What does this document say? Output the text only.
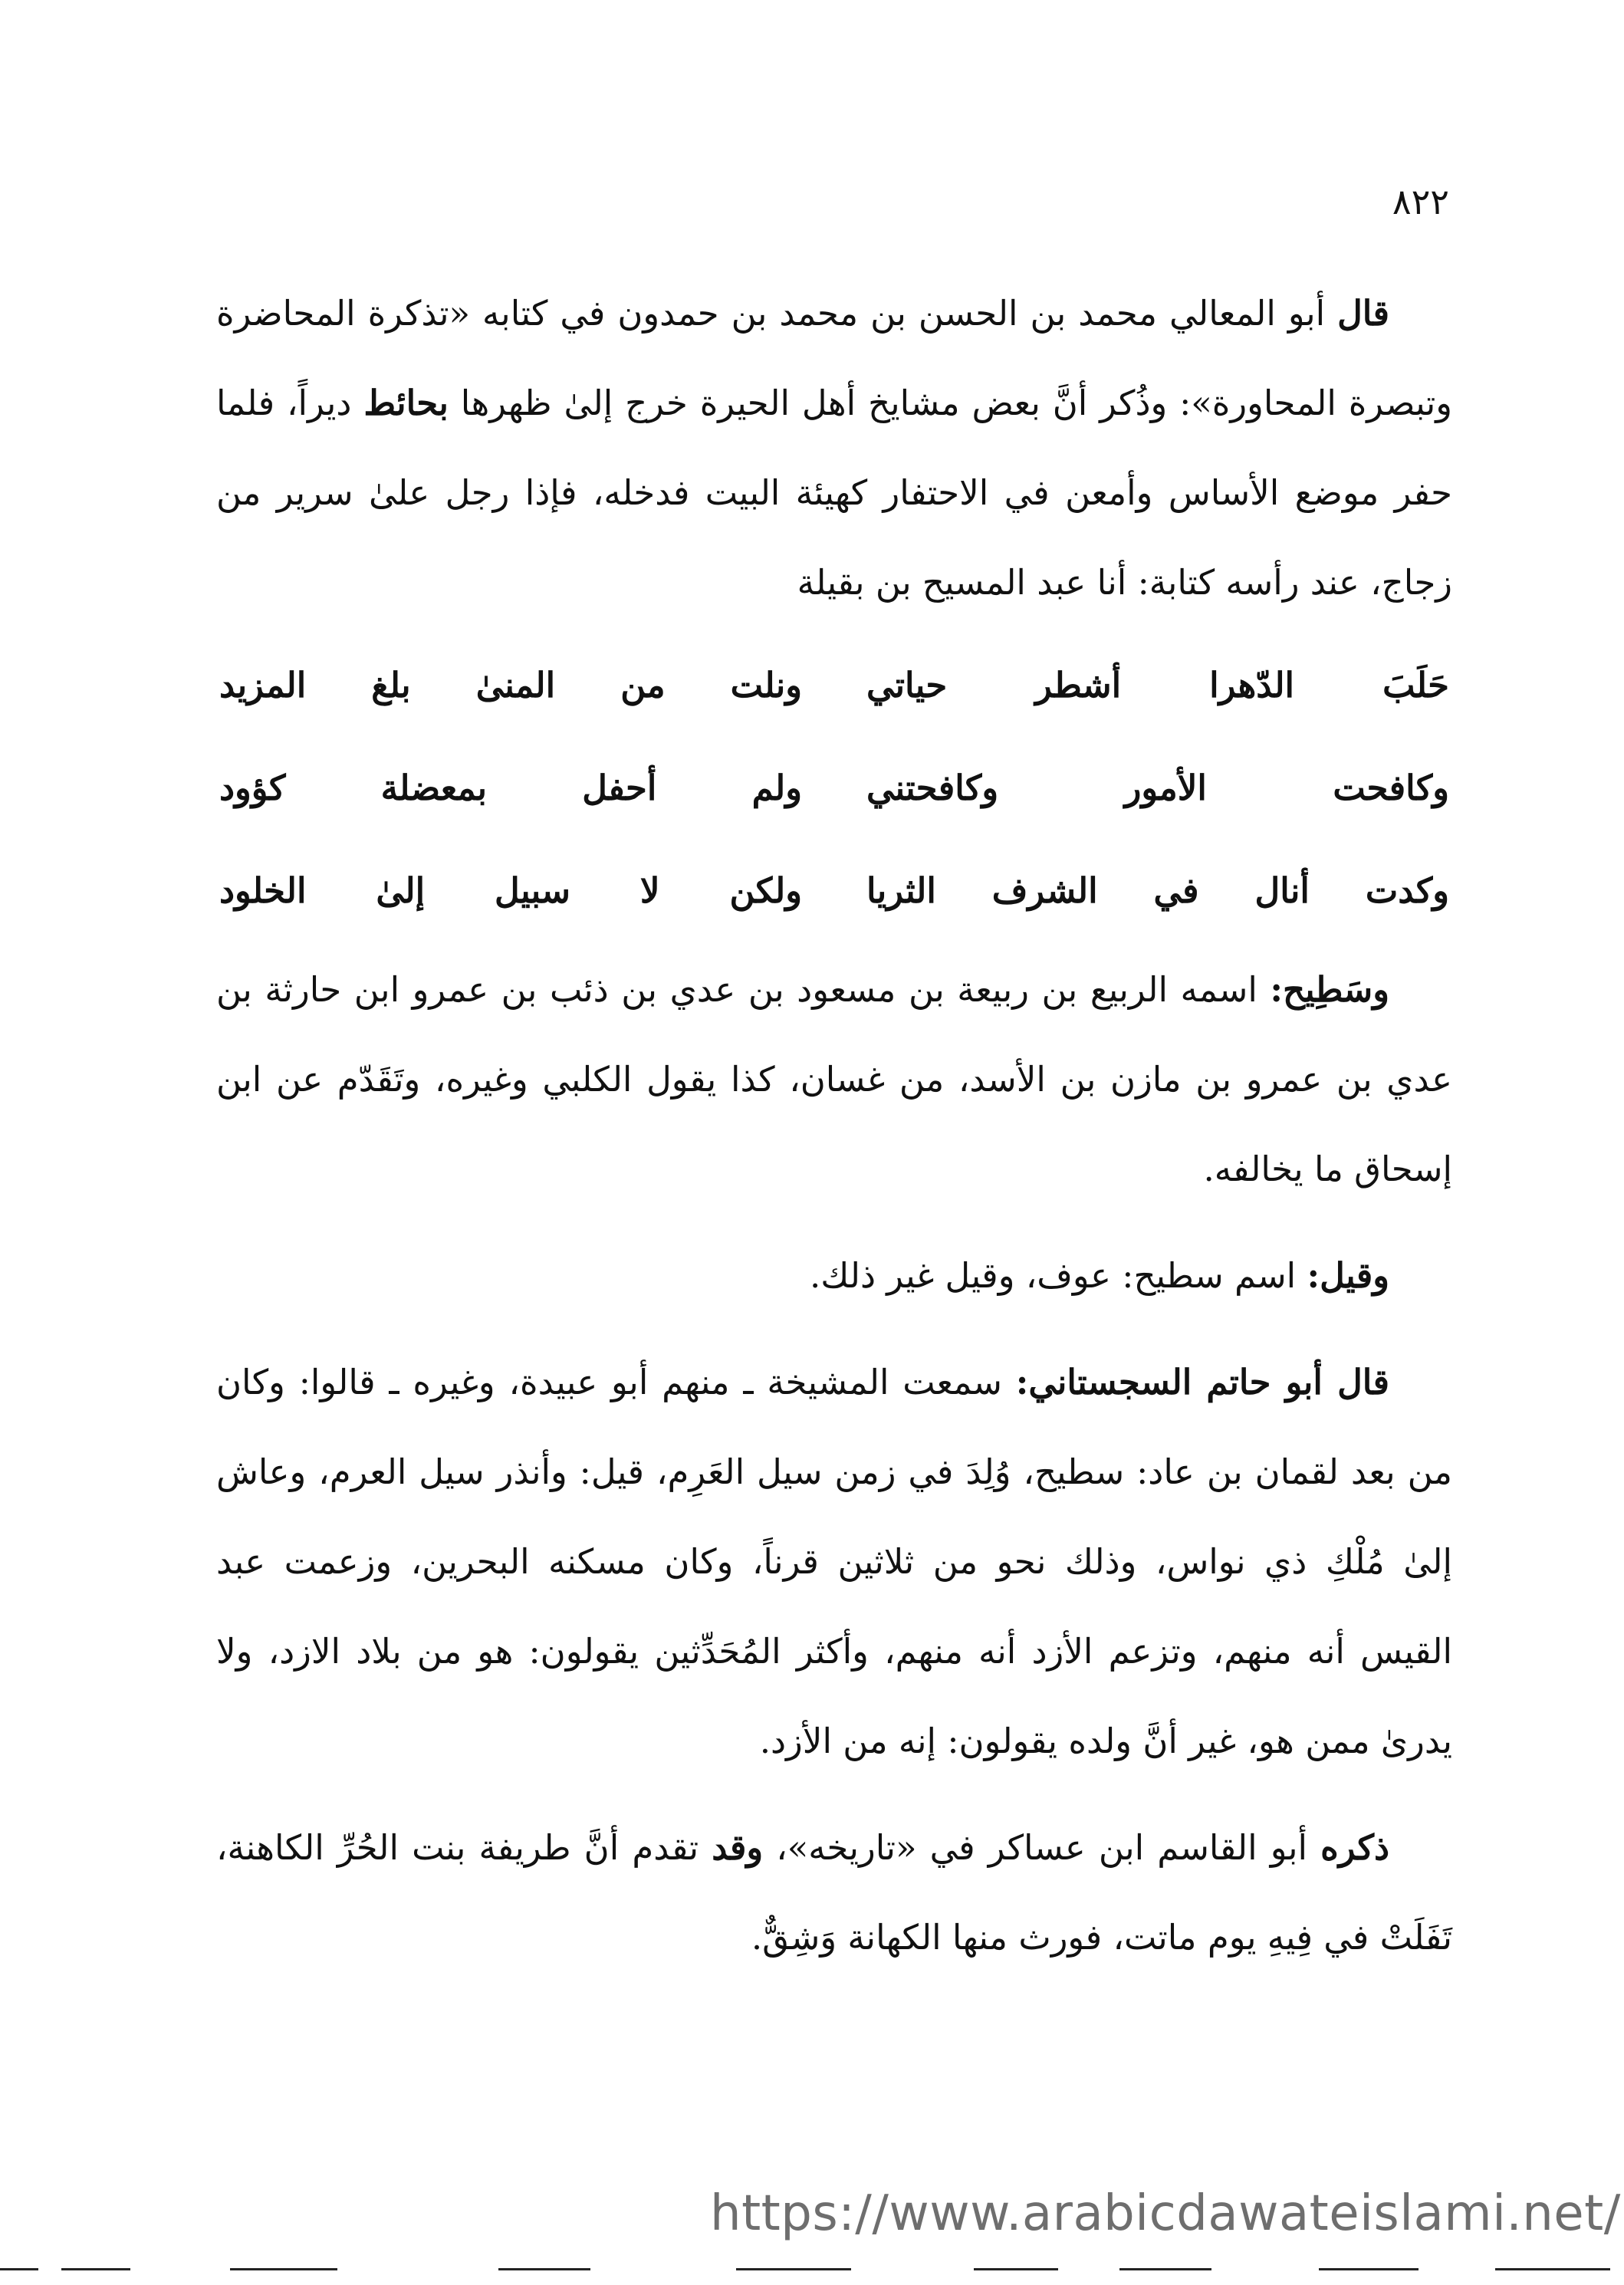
٨٢٢

قال أبو المعالي محمد بن الحسن بن محمد بن حمدون في كتابه «تذكرة المحاضرة وتبصرة المحاورة»: وذُكر أنَّ بعض مشايخ أهل الحيرة خرج إلىٰ ظهرها بحائط ديراً، فلما حفر موضع الأساس وأمعن في الاحتفار كهيئة البيت فدخله، فإذا رجل علىٰ سرير من زجاج، عند رأسه كتابة: أنا عبد المسيح بن بقيلة

حَلَبَ الدّهرا أشطر حياتي
ونلت من المنىٰ بلغ المزيد
وكافحت الأمور وكافحتني
ولم أحفل بمعضلة كؤود
وكدت أنال في الشرف الثريا
ولكن لا سبيل إلىٰ الخلود

وسَطِيح: اسمه الربيع بن ربيعة بن مسعود بن عدي بن ذئب بن عمرو ابن حارثة بن عدي بن عمرو بن مازن بن الأسد، من غسان، كذا يقول الكلبي وغيره، وتَقَدّم عن ابن إسحاق ما يخالفه.

وقيل: اسم سطيح: عوف، وقيل غير ذلك.

قال أبو حاتم السجستاني: سمعت المشيخة ـ منهم أبو عبيدة، وغيره ـ قالوا: وكان من بعد لقمان بن عاد: سطيح، وُلِدَ في زمن سيل العَرِم، قيل: وأنذر سيل العرم، وعاش إلىٰ مُلْكِ ذي نواس، وذلك نحو من ثلاثين قرناً، وكان مسكنه البحرين، وزعمت عبد القيس أنه منهم، وتزعم الأزد أنه منهم، وأكثر المُحَدِّثين يقولون: هو من بلاد الازد، ولا يدرىٰ ممن هو، غير أنَّ ولده يقولون: إنه من الأزد.

ذكره أبو القاسم ابن عساكر في «تاريخه»، وقد تقدم أنَّ طريفة بنت الحُرِّ الكاهنة، تَفَلَتْ في فِيهِ يوم ماتت، فورث منها الكهانة وَشِقٌّ.

https://www.arabicdawateislami.net/
